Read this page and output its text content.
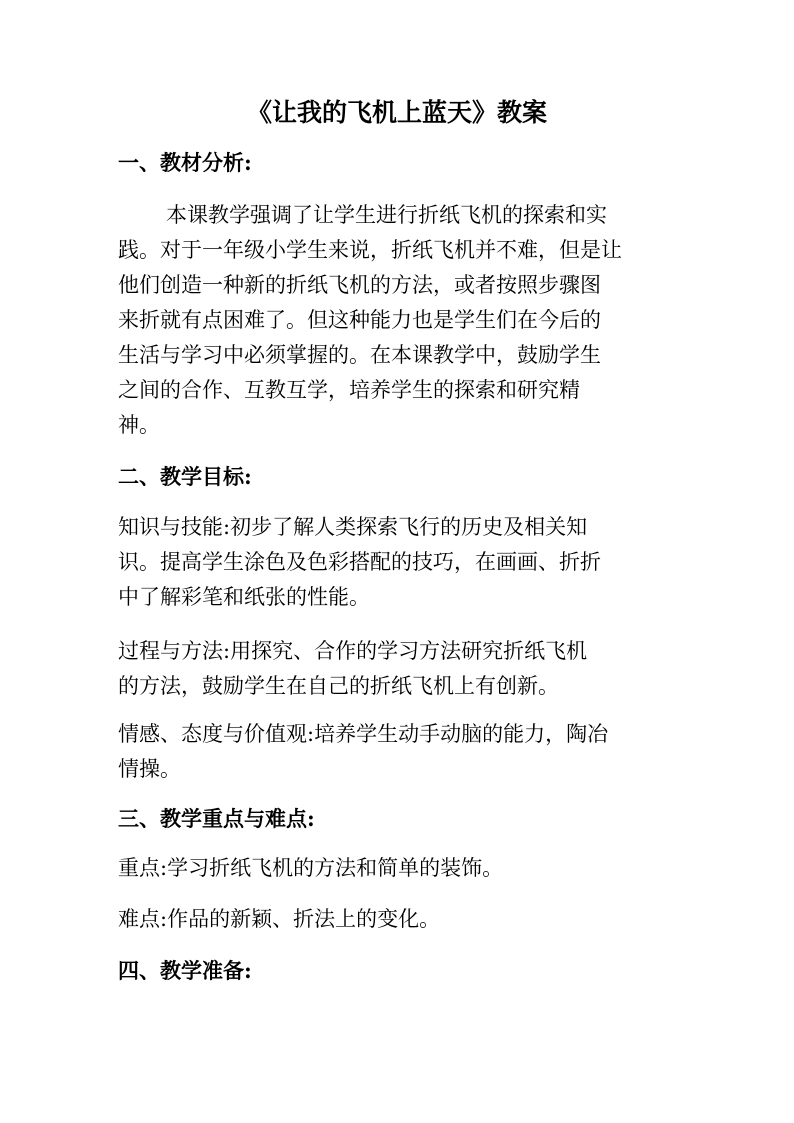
《让我的飞机上蓝天》教案
一、教材分析:
本课教学强调了让学生进行折纸飞机的探索和实
践。对于一年级小学生来说，折纸飞机并不难，但是让
他们创造一种新的折纸飞机的方法，或者按照步骤图
来折就有点困难了。但这种能力也是学生们在今后的
生活与学习中必须掌握的。在本课教学中，鼓励学生
之间的合作、互教互学，培养学生的探索和研究精
神。
二、教学目标:
知识与技能:初步了解人类探索飞行的历史及相关知
识。提高学生涂色及色彩搭配的技巧，在画画、折折
中了解彩笔和纸张的性能。
过程与方法:用探究、合作的学习方法研究折纸飞机
的方法，鼓励学生在自己的折纸飞机上有创新。
情感、态度与价值观:培养学生动手动脑的能力，陶冶
情操。
三、教学重点与难点:
重点:学习折纸飞机的方法和简单的装饰。
难点:作品的新颖、折法上的变化。
四、教学准备:
